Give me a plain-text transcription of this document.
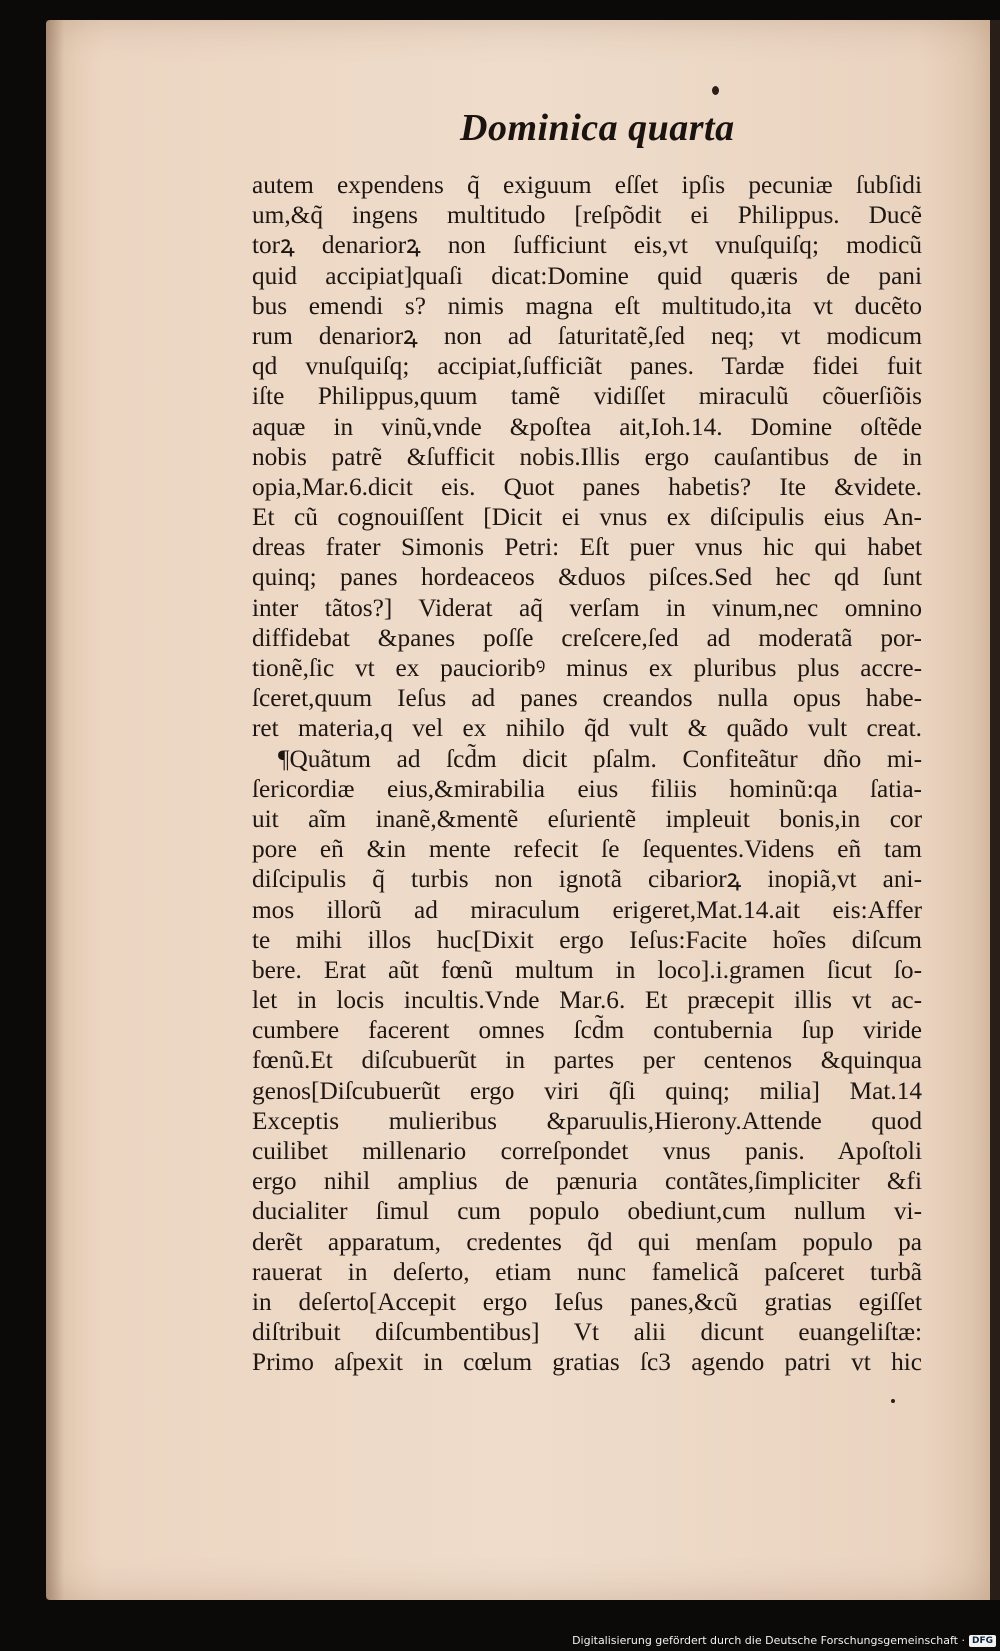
Dominica quarta
autem expendens q̃ exiguum eſſet ipſis pecuniæ ſubſidi
um,&q̃ ingens multitudo [reſpõdit ei Philippus. Ducẽ
torꝝ denariorꝝ non ſufficiunt eis,vt vnuſquiſq; modicũ
quid accipiat]quaſi dicat:Domine quid quæris de pani
bus emendi s? nimis magna eſt multitudo,ita vt ducẽto
rum denariorꝝ non ad ſaturitatẽ,ſed neq; vt modicum
qd vnuſquiſq; accipiat,ſufficiãt panes. Tardæ fidei fuit
iſte Philippus,quum tamẽ vidiſſet miraculũ cõuerſiõis
aquæ in vinũ,vnde &poſtea ait,Ioh.14. Domine oſtẽde
nobis patrẽ &ſufficit nobis.Illis ergo cauſantibus de in
opia,Mar.6.dicit eis. Quot panes habetis? Ite &videte.
Et cũ cognouiſſent [Dicit ei vnus ex diſcipulis eius An-
dreas frater Simonis Petri: Eſt puer vnus hic qui habet
quinq; panes hordeaceos &duos piſces.Sed hec qd ſunt
inter tãtos?] Viderat aq̃ verſam in vinum,nec omnino
diffidebat &panes poſſe creſcere,ſed ad moderatã por-
tionẽ,ſic vt ex paucioribꝰ minus ex pluribus plus accre-
ſceret,quum Ieſus ad panes creandos nulla opus habe-
ret materia,q vel ex nihilo q̃d vult & quãdo vult creat.
¶Quãtum ad ſcd̃m dicit pſalm. Confiteãtur dño mi-
ſericordiæ eius,&mirabilia eius filiis hominũ:qa ſatia-
uit aĩm inanẽ,&mentẽ eſurientẽ impleuit bonis,in cor
pore eñ &in mente refecit ſe ſequentes.Videns eñ tam
diſcipulis q̃ turbis non ignotã cibariorꝝ inopiã,vt ani-
mos illorũ ad miraculum erigeret,Mat.14.ait eis:Affer
te mihi illos huc[Dixit ergo Ieſus:Facite hoĩes diſcum
bere. Erat aũt fœnũ multum in loco].i.gramen ſicut ſo-
let in locis incultis.Vnde Mar.6. Et præcepit illis vt ac-
cumbere facerent omnes ſcd̃m contubernia ſup viride
fœnũ.Et diſcubuerũt in partes per centenos &quinqua
genos[Diſcubuerũt ergo viri q̃ſi quinq; milia] Mat.14
Exceptis mulieribus &paruulis,Hierony.Attende quod
cuilibet millenario correſpondet vnus panis. Apoſtoli
ergo nihil amplius de pænuria contãtes,ſimpliciter &fi
ducialiter ſimul cum populo obediunt,cum nullum vi-
derẽt apparatum, credentes q̃d qui menſam populo pa
rauerat in deſerto, etiam nunc famelicã paſceret turbã
in deſerto[Accepit ergo Ieſus panes,&cũ gratias egiſſet
diſtribuit diſcumbentibus] Vt alii dicunt euangeliſtæ:
Primo aſpexit in cœlum gratias ſc3 agendo patri vt hic
Digitalisierung gefördert durch die Deutsche Forschungsgemeinschaft · DFG
